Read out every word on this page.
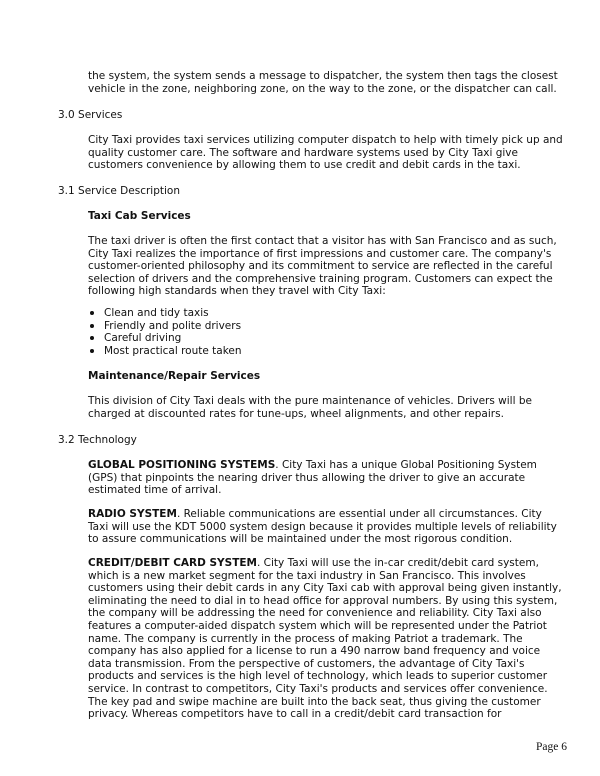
the system, the system sends a message to dispatcher, the system then tags the closest vehicle in the zone, neighboring zone, on the way to the zone, or the dispatcher can call.

3.0 Services

City Taxi provides taxi services utilizing computer dispatch to help with timely pick up and quality customer care. The software and hardware systems used by City Taxi give customers convenience by allowing them to use credit and debit cards in the taxi.

3.1 Service Description

Taxi Cab Services

The taxi driver is often the first contact that a visitor has with San Francisco and as such, City Taxi realizes the importance of first impressions and customer care. The company's customer-oriented philosophy and its commitment to service are reflected in the careful selection of drivers and the comprehensive training program. Customers can expect the following high standards when they travel with City Taxi:

Clean and tidy taxis
Friendly and polite drivers
Careful driving
Most practical route taken

Maintenance/Repair Services

This division of City Taxi deals with the pure maintenance of vehicles. Drivers will be charged at discounted rates for tune-ups, wheel alignments, and other repairs.

3.2 Technology

GLOBAL POSITIONING SYSTEMS. City Taxi has a unique Global Positioning System (GPS) that pinpoints the nearing driver thus allowing the driver to give an accurate estimated time of arrival.

RADIO SYSTEM. Reliable communications are essential under all circumstances. City Taxi will use the KDT 5000 system design because it provides multiple levels of reliability to assure communications will be maintained under the most rigorous condition.

CREDIT/DEBIT CARD SYSTEM. City Taxi will use the in-car credit/debit card system, which is a new market segment for the taxi industry in San Francisco. This involves customers using their debit cards in any City Taxi cab with approval being given instantly, eliminating the need to dial in to head office for approval numbers. By using this system, the company will be addressing the need for convenience and reliability. City Taxi also features a computer-aided dispatch system which will be represented under the Patriot name. The company is currently in the process of making Patriot a trademark. The company has also applied for a license to run a 490 narrow band frequency and voice data transmission. From the perspective of customers, the advantage of City Taxi's products and services is the high level of technology, which leads to superior customer service. In contrast to competitors, City Taxi's products and services offer convenience. The key pad and swipe machine are built into the back seat, thus giving the customer privacy. Whereas competitors have to call in a credit/debit card transaction for

Page 6
